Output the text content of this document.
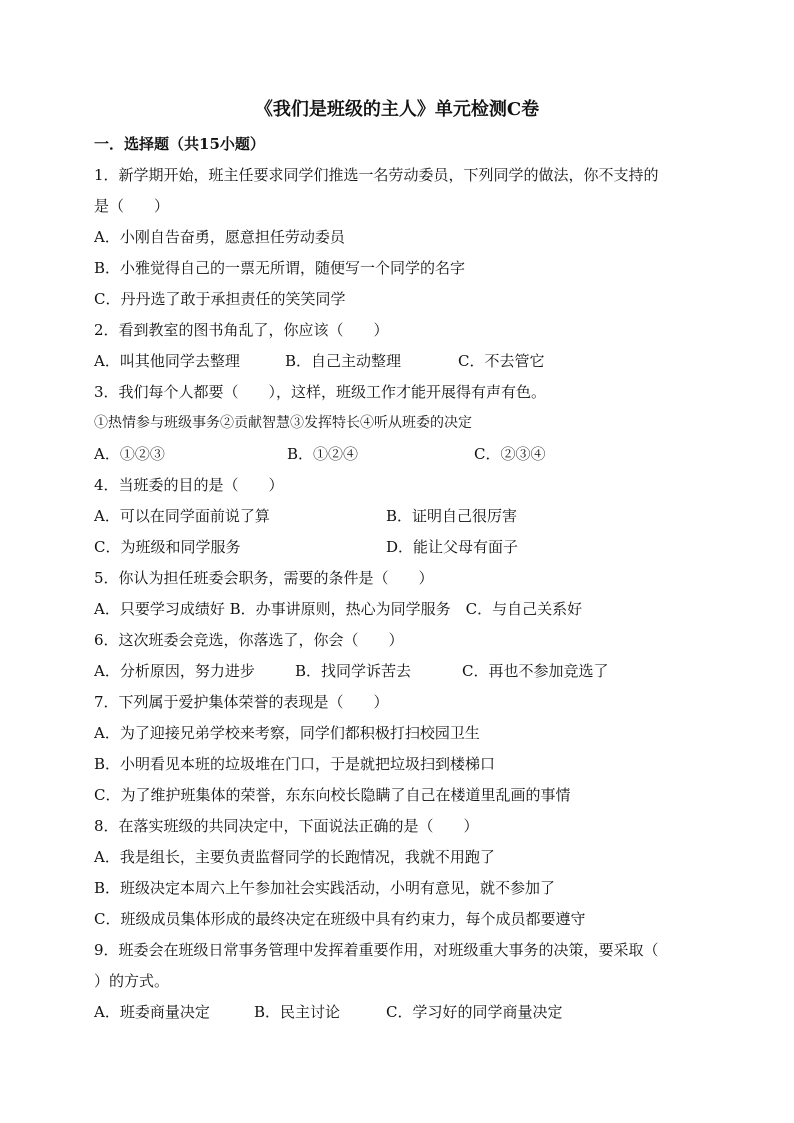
《我们是班级的主人》单元检测C卷
一．选择题（共15小题）
1．新学期开始，班主任要求同学们推选一名劳动委员，下列同学的做法，你不支持的
是（　　）
A．小刚自告奋勇，愿意担任劳动委员
B．小雅觉得自己的一票无所谓，随便写一个同学的名字
C．丹丹选了敢于承担责任的笑笑同学
2．看到教室的图书角乱了，你应该（　　）
A．叫其他同学去整理	B．自己主动整理	C．不去管它
3．我们每个人都要（　　），这样，班级工作才能开展得有声有色。
①热情参与班级事务②贡献智慧③发挥特长④听从班委的决定
A．①②③	B．①②④	C．②③④
4．当班委的目的是（　　）
A．可以在同学面前说了算	B．证明自己很厉害
C．为班级和同学服务	D．能让父母有面子
5．你认为担任班委会职务，需要的条件是（　　）
A．只要学习成绩好 B．办事讲原则，热心为同学服务　C．与自己关系好
6．这次班委会竞选，你落选了，你会（　　）
A．分析原因，努力进步	B．找同学诉苦去	C．再也不参加竞选了
7．下列属于爱护集体荣誉的表现是（　　）
A．为了迎接兄弟学校来考察，同学们都积极打扫校园卫生
B．小明看见本班的垃圾堆在门口，于是就把垃圾扫到楼梯口
C．为了维护班集体的荣誉，东东向校长隐瞒了自己在楼道里乱画的事情
8．在落实班级的共同决定中，下面说法正确的是（　　）
A．我是组长，主要负责监督同学的长跑情况，我就不用跑了
B．班级决定本周六上午参加社会实践活动，小明有意见，就不参加了
C．班级成员集体形成的最终决定在班级中具有约束力，每个成员都要遵守
9．班委会在班级日常事务管理中发挥着重要作用，对班级重大事务的决策，要采取（
）的方式。
A．班委商量决定	B．民主讨论	C．学习好的同学商量决定
